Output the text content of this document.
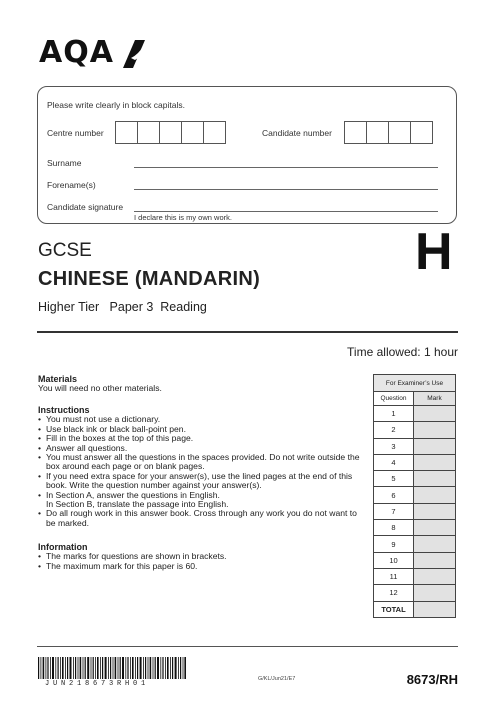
AQA
Please write clearly in block capitals.
Centre number	Candidate number
Surname
Forename(s)
Candidate signature
I declare this is my own work.
GCSE
CHINESE (MANDARIN)
Higher Tier   Paper 3  Reading
H
Time allowed: 1 hour
Materials
You will need no other materials.
Instructions
• You must not use a dictionary.
• Use black ink or black ball-point pen.
• Fill in the boxes at the top of this page.
• Answer all questions.
• You must answer all the questions in the spaces provided. Do not write outside the box around each page or on blank pages.
• If you need extra space for your answer(s), use the lined pages at the end of this book. Write the question number against your answer(s).
• In Section A, answer the questions in English.
In Section B, translate the passage into English.
• Do all rough work in this answer book. Cross through any work you do not want to be marked.
Information
• The marks for questions are shown in brackets.
• The maximum mark for this paper is 60.
For Examiner’s Use	
Question	Mark
1	
2	
3	
4	
5	
6	
7	
8	
9	
10	
11	
12	
TOTAL	
JUN218673RH01
G/KL/Jun21/E7	8673/RH
